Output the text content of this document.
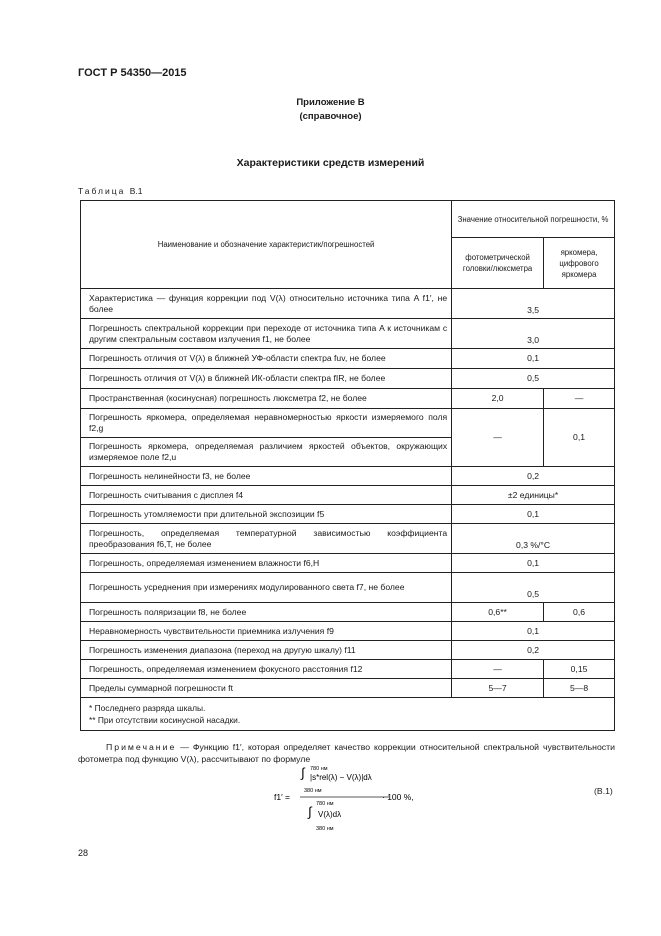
ГОСТ Р 54350—2015
Приложение В
(справочное)
Характеристики средств измерений
Таблица В.1
Наименование и обозначение характеристик/погрешностей	Значение относительной погрешности, %	
	фотометрической головки/люксметра	яркомера, цифрового яркомера
Характеристика — функция коррекции под V(λ) относительно источника типа A f1′, не более	3,5	
Погрешность спектральной коррекции при переходе от источника типа A к источникам с другим спектральным составом излучения f1, не более	3,0	
Погрешность отличия от V(λ) в ближней УФ-области спектра fuv, не более	0,1	
Погрешность отличия от V(λ) в ближней ИК-области спектра fIR, не более	0,5	
Пространственная (косинусная) погрешность люксметра f2, не более	2,0	—
Погрешность яркомера, определяемая неравномерностью яркости измеряемого поля f2,g	—	0,1
Погрешность яркомера, определяемая различием яркостей объектов, окружающих измеряемое поле f2,u		
Погрешность нелинейности f3, не более	0,2	
Погрешность считывания с дисплея f4	±2 единицы*	
Погрешность утомляемости при длительной экспозиции f5	0,1	
Погрешность, определяемая температурной зависимостью коэффициента преобразования f6,T, не более	0,3 %/°C	
Погрешность, определяемая изменением влажности f6,H	0,1	
Погрешность усреднения при измерениях модулированного света f7, не более	0,5	
Погрешность поляризации f8, не более	0,6**	0,6
Неравномерность чувствительности приемника излучения f9	0,1	
Погрешность изменения диапазона (переход на другую шкалу) f11	0,2	
Погрешность, определяемая изменением фокусного расстояния f12	—	0,15
Пределы суммарной погрешности ft	5—7	5—8

* Последнего разряда шкалы.
** При отсутствии косинусной насадки.		
Примечание — Функцию f1′, которая определяет качество коррекции относительной спектральной чувствительности фотометра под функцию V(λ), рассчитывают по формуле
f1′ =
780 нм
∫ |s*rel(λ) − V(λ)|dλ
380 нм
780 нм
∫ V(λ)dλ
380 нм
· 100 %,
(В.1)
28
